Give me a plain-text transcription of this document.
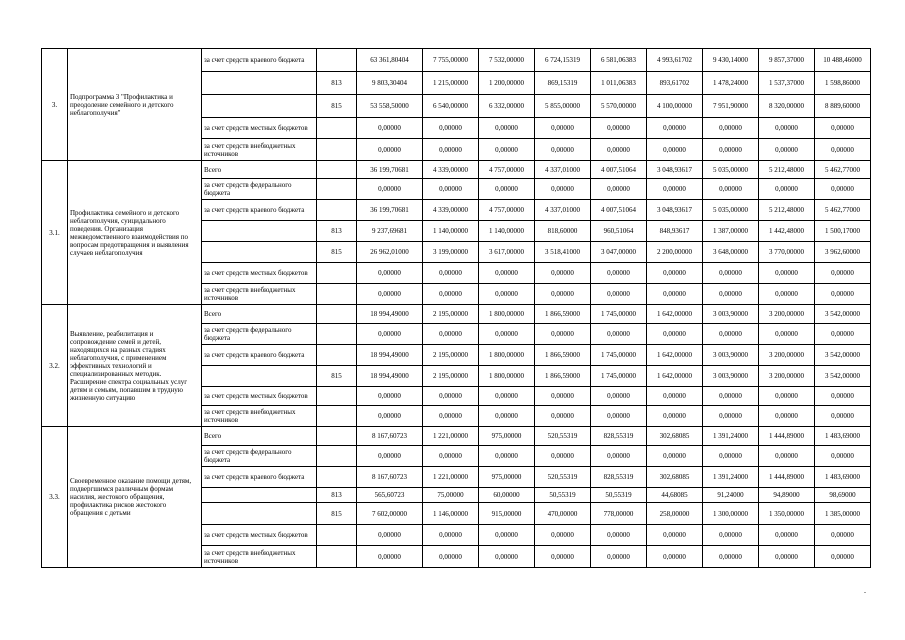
3.	Подпрограмма 3 "Профилактика и преодоление семейного и детского неблагополучия"	за счет средств краевого бюджета		63 361,80404	7 755,00000	7 532,00000	6 724,15319	6 581,06383	4 993,61702	9 430,14000	9 857,37000	10 488,46000
			813	9 803,30404	1 215,00000	1 200,00000	869,15319	1 011,06383	893,61702	1 478,24000	1 537,37000	1 598,86000
			815	53 558,50000	6 540,00000	6 332,00000	5 855,00000	5 570,00000	4 100,00000	7 951,90000	8 320,00000	8 889,60000
		за счет средств местных бюджетов		0,00000	0,00000	0,00000	0,00000	0,00000	0,00000	0,00000	0,00000	0,00000
		за счет средств внебюджетных источников		0,00000	0,00000	0,00000	0,00000	0,00000	0,00000	0,00000	0,00000	0,00000
3.1.	Профилактика семейного и детского неблагополучия, суицидального поведения. Организация межведомственного взаимодействия по вопросам предотвращения и выявления случаев неблагополучия	Всего		36 199,70681	4 339,00000	4 757,00000	4 337,01000	4 007,51064	3 048,93617	5 035,00000	5 212,48000	5 462,77000
		за счет средств федерального бюджета		0,00000	0,00000	0,00000	0,00000	0,00000	0,00000	0,00000	0,00000	0,00000
		за счет средств краевого бюджета		36 199,70681	4 339,00000	4 757,00000	4 337,01000	4 007,51064	3 048,93617	5 035,00000	5 212,48000	5 462,77000
			813	9 237,69681	1 140,00000	1 140,00000	818,60000	960,51064	848,93617	1 387,00000	1 442,48000	1 500,17000
			815	26 962,01000	3 199,00000	3 617,00000	3 518,41000	3 047,00000	2 200,00000	3 648,00000	3 770,00000	3 962,60000
		за счет средств местных бюджетов		0,00000	0,00000	0,00000	0,00000	0,00000	0,00000	0,00000	0,00000	0,00000
		за счет средств внебюджетных источников		0,00000	0,00000	0,00000	0,00000	0,00000	0,00000	0,00000	0,00000	0,00000
3.2.	Выявление, реабилитация и сопровождение семей и детей, находящихся на разных стадиях неблагополучия, с применением эффективных технологий и специализированных методик. Расширение спектра социальных услуг детям и семьям, попавшим в трудную жизненную ситуацию	Всего		18 994,49000	2 195,00000	1 800,00000	1 866,59000	1 745,00000	1 642,00000	3 003,90000	3 200,00000	3 542,00000
		за счет средств федерального бюджета		0,00000	0,00000	0,00000	0,00000	0,00000	0,00000	0,00000	0,00000	0,00000
		за счет средств краевого бюджета		18 994,49000	2 195,00000	1 800,00000	1 866,59000	1 745,00000	1 642,00000	3 003,90000	3 200,00000	3 542,00000
			815	18 994,49000	2 195,00000	1 800,00000	1 866,59000	1 745,00000	1 642,00000	3 003,90000	3 200,00000	3 542,00000
		за счет средств местных бюджетов		0,00000	0,00000	0,00000	0,00000	0,00000	0,00000	0,00000	0,00000	0,00000
		за счет средств внебюджетных источников		0,00000	0,00000	0,00000	0,00000	0,00000	0,00000	0,00000	0,00000	0,00000
3.3.	Своевременное оказание помощи детям, подвергшимся различным формам насилия, жестокого обращения, профилактика рисков жестокого обращения с детьми	Всего		8 167,60723	1 221,00000	975,00000	520,55319	828,55319	302,68085	1 391,24000	1 444,89000	1 483,69000
		за счет средств федерального бюджета		0,00000	0,00000	0,00000	0,00000	0,00000	0,00000	0,00000	0,00000	0,00000
		за счет средств краевого бюджета		8 167,60723	1 221,00000	975,00000	520,55319	828,55319	302,68085	1 391,24000	1 444,89000	1 483,69000
			813	565,60723	75,00000	60,00000	50,55319	50,55319	44,68085	91,24000	94,89000	98,69000
			815	7 602,00000	1 146,00000	915,00000	470,00000	778,00000	258,00000	1 300,00000	1 350,00000	1 385,00000
		за счет средств местных бюджетов		0,00000	0,00000	0,00000	0,00000	0,00000	0,00000	0,00000	0,00000	0,00000
		за счет средств внебюджетных источников		0,00000	0,00000	0,00000	0,00000	0,00000	0,00000	0,00000	0,00000	0,00000
.
